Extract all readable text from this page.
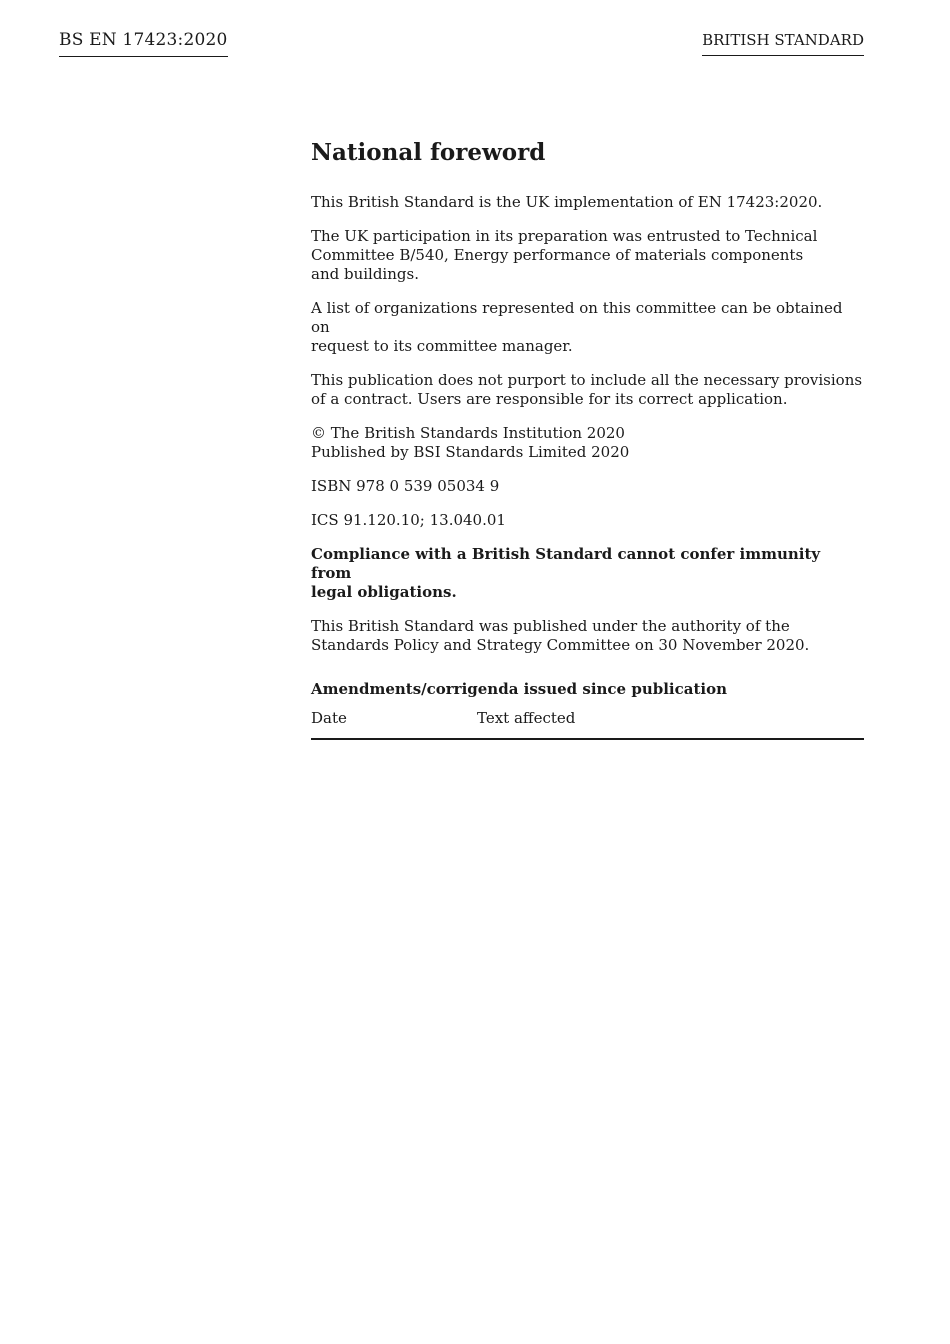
BS EN 17423:2020	BRITISH STANDARD
National foreword

This British Standard is the UK implementation of EN 17423:2020.

The UK participation in its preparation was entrusted to Technical
Committee B/540, Energy performance of materials components
and buildings.

A list of organizations represented on this committee can be obtained on
request to its committee manager.

This publication does not purport to include all the necessary provisions
of a contract. Users are responsible for its correct application.

© The British Standards Institution 2020
Published by BSI Standards Limited 2020

ISBN 978 0 539 05034 9

ICS 91.120.10; 13.040.01

Compliance with a British Standard cannot confer immunity from
legal obligations.

This British Standard was published under the authority of the
Standards Policy and Strategy Committee on 30 November 2020.

Amendments/corrigenda issued since publication
Date	Text affected
